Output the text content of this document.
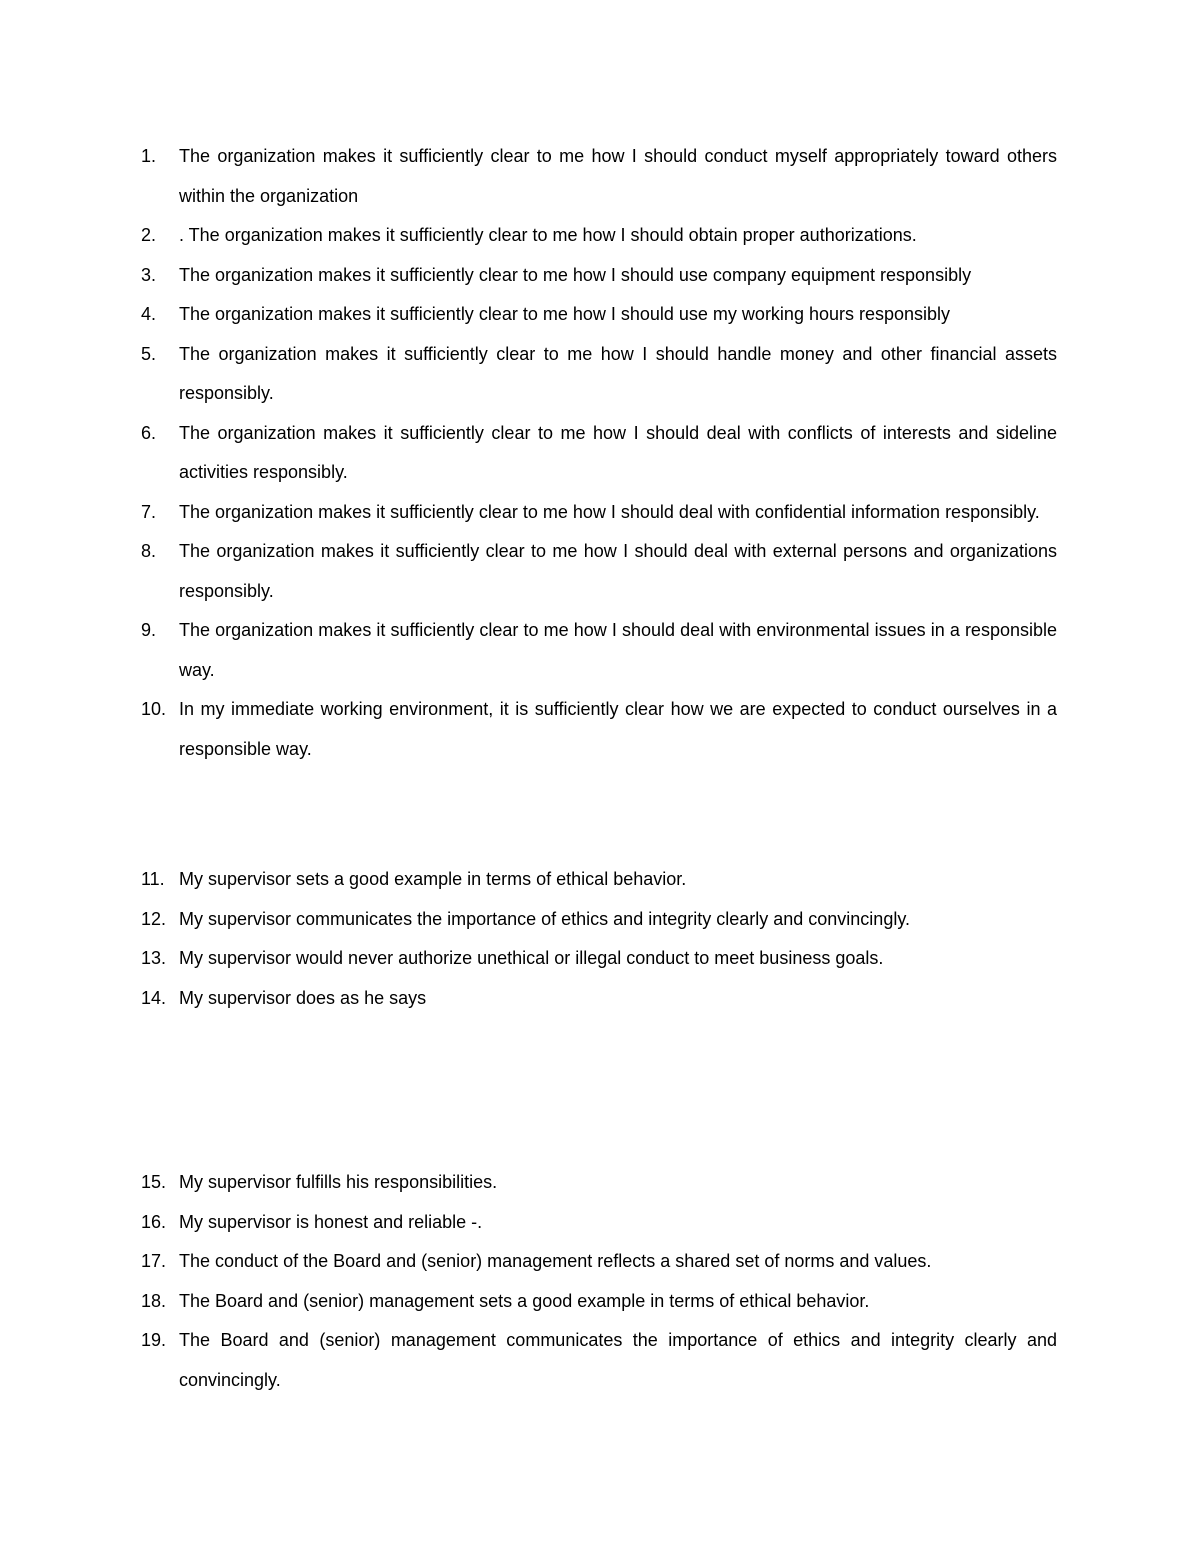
1.	The organization makes it sufficiently clear to me how I should conduct myself appropriately toward others within the organization
2.	. The organization makes it sufficiently clear to me how I should obtain proper authorizations.
3.	The organization makes it sufficiently clear to me how I should use company equipment responsibly
4.	The organization makes it sufficiently clear to me how I should use my working hours responsibly
5.	The organization makes it sufficiently clear to me how I should handle money and other financial assets responsibly.
6.	The organization makes it sufficiently clear to me how I should deal with conflicts of interests and sideline activities responsibly.
7.	The organization makes it sufficiently clear to me how I should deal with confidential information responsibly.
8.	The organization makes it sufficiently clear to me how I should deal with external persons and organizations responsibly.
9.	The organization makes it sufficiently clear to me how I should deal with environmental issues in a responsible way.
10. In my immediate working environment, it is sufficiently clear how we are expected to conduct ourselves in a responsible way.
11. My supervisor sets a good example in terms of ethical behavior.
12. My supervisor communicates the importance of ethics and integrity clearly and convincingly.
13. My supervisor would never authorize unethical or illegal conduct to meet business goals.
14. My supervisor does as he says
15. My supervisor fulfills his responsibilities.
16. My supervisor is honest and reliable -.
17. The conduct of the Board and (senior) management reflects a shared set of norms and values.
18. The Board and (senior) management sets a good example in terms of ethical behavior.
19. The Board and (senior) management communicates the importance of ethics and integrity clearly and convincingly.
